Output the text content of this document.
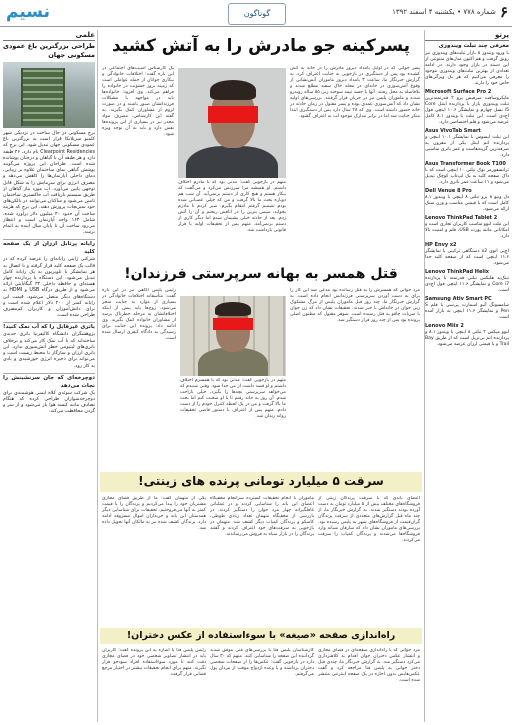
۶
شماره ۷۷۸ • یکشنبه ۴ اسفند ۱۳۹۲
گوناگون
نسیم
پرتو
معرفی چند تبلت ویندوزی
با ورود ویندوز ۸ بازار تبلت‌های ویندوزی نیز رونق گرفت و هم اکنون مدل‌های متنوعی از این دسته در بازار وجود دارند. در ادامه تعدادی از بهترین تبلت‌های ویندوزی موجود را معرفی می‌کنیم که هر یک ویژگی‌های خاص خود را دارند.
Microsoft Surface Pro 2
مایکروسافت سرفیس پرو ۲ قدرتمندترین تبلت ویندوزی بازار با پردازنده اینتل Core i5 نسل چهارم و نمایشگر ۱۰.۶ اینچی فول اچ‌دی است. این تبلت با ویندوز ۸.۱ کامل عرضه می‌شود و قلم اختصاصی دارد.
Asus VivoTab Smart
این تبلت ایسوس با نمایشگر ۱۰.۱ اینچی و پردازنده اتم اینتل یکی از مقرون به صرفه‌ترین گزینه‌هاست و عمر باتری مناسبی دارد.
Asus Transformer Book T100
ترانسفورمر بوک تبلتی ۱۰ اینچی است که با داک صفحه کلید به یک لپ‌تاپ کوچک تبدیل می‌شود و ۱۱ ساعت عمر باتری دارد.
Dell Venue 8 Pro
دل ونیو ۸ پرو تبلتی ۸ اینچی با ویندوز ۸.۱ کامل است که با قیمتی مناسب و وزن سبک ارائه می‌شود.
Lenovo ThinkPad Tablet 2
این تبلت لنوو مناسب کاربران تجاری است و امکاناتی مانند پورت USB، قلم و امنیت بالا دارد.
HP Envy x2
اچ‌پی انوی x2 دستگاهی ترکیبی با نمایشگر ۱۱.۶ اینچی است که از صفحه کلید جدا می‌شود.
Lenovo ThinkPad Helix
تینک‌پد هلیکس تبلتی قدرتمند با پردازنده Core i7 و نمایشگر ۱۱.۶ اینچی فول اچ‌دی است.
Samsung Ativ Smart PC
سامسونگ آتیو اسمارت پی‌سی با قلم S Pen و نمایشگر ۱۱.۶ اینچی به بازار آمده است.
Lenovo Miix 2
لنوو میکس ۲ تبلتی ۸ اینچی با ویندوز ۸.۱ و پردازنده اتم بی‌تریل است که از طریق Bay Trail و با قیمتی ارزان عرضه می‌شود.
علمی
طراحی بزرگترین باغ عمودی مسکونی جهان
برج مسکونی در حال ساخت در نزدیکی شهر کلمبو سریلانکا قرار است به بزرگترین باغ عمودی مسکونی جهان تبدیل شود. این برج که Clearpoint Residencies نام دارد، ۴۶ طبقه دارد و هر طبقه آن با گیاهان و درختان پوشانده شده است. طراحان این پروژه می‌گویند پوشش گیاهی نمای ساختمان علاوه بر زیبایی، دمای داخلی آپارتمان‌ها را کاهش می‌دهد و مصرف انرژی برای سرمایش را به شکل قابل توجهی پایین می‌آورد. آب مورد نیاز گیاهان از طریق سیستم بازیافت آب خاکستری ساختمان تامین می‌شود و ساکنان می‌توانند در بالکن‌های خود سبزیجات پرورش دهند. این برج که هزینه ساخت آن حدود ۴۰ میلیون دلار برآورد شده، شامل ۱۶۴ واحد آپارتمان است و انتظار می‌رود ساخت آن تا پایان سال آینده به اتمام برسد.
رایانه پرتابل ارزان از یک صفحه کلید
شرکتی ژاپنی رایانه‌ای را عرضه کرده که در قالب یک صفحه کلید قرار گرفته و با اتصال به هر نمایشگر یا تلویزیون به یک رایانه کامل تبدیل می‌شود. این دستگاه با پردازنده چهار هسته‌ای و حافظه داخلی ۳۲ گیگابایتی ارائه می‌شود و از طریق درگاه USB و HDMI به دستگاه‌های دیگر متصل می‌شود. قیمت این رایانه کمتر از ۲۰۰ دلار اعلام شده است و برای دانش‌آموزان و کاربران کم‌مصرف طراحی شده است.
باتری غیرقابل را که آب نمک کنید!
پژوهشگران دانشگاه کالیفرنیا باتری جدیدی ساخته‌اند که با آب نمک کار می‌کند و برخلاف باتری‌های لیتیومی خطر آتش‌سوزی ندارد. این باتری ارزان و سازگار با محیط زیست است و می‌تواند برای ذخیره انرژی خورشیدی و بادی به کار رود.
دوچرخه‌ای که جان سرنشینش را نجات می‌دهد
یک شرکت سوئدی کلاه ایمنی هوشمندی برای دوچرخه‌سواران طراحی کرده که هنگام تصادف مانند کیسه هوا باز می‌شود و از سر و گردن محافظت می‌کند.
پسرکینه جو مادرش را به آتش کشید
پسر جوانی که در اوایل بامداد دیروز مادرش را در خانه به آتش کشیده بود پس از دستگیری در بازجویی به جنایت اعتراف کرد. به گزارش خبرنگار ما، ساعت ۳ بامداد دیروز ماموران آتش‌نشانی از وقوع آتش‌سوزی در خانه‌ای در محله خاک سفید مطلع شدند و بلافاصله به محل رفتند. آنها با جسد نیمه سوخته زنی ۵۵ ساله روبه‌رو شدند و ماموران پلیس نیز در جریان قرار گرفتند. بررسی‌های اولیه نشان داد که آتش‌سوزی عمدی بوده و پسر مقتول در زمان حادثه در خانه حضور داشته است. وی که ۲۸ سال دارد پس از دستگیری ابتدا منکر جنایت شد اما در برابر مدارک موجود لب به اعتراف گشود.
متهم در بازجویی گفت: مدتی بود که با مادرم اختلاف داشتم. او همیشه مرا سرزنش می‌کرد و می‌گفت که بیکار هستم و هیچ کاری از دستم برنمی‌آید. آن شب هم دوباره بحث ما بالا گرفت و من که خیلی عصبانی شده بودم تصمیم گرفتم انتقام بگیرم. صبر کردم تا مادرم بخوابد، سپس بنزین را در اتاقش ریختم و آن را آتش زدم. بعد از حادثه خیلی پشیمان شدم اما دیگر کاری از دستم برنمی‌آمد. متهم پس از تحقیقات اولیه با قرار قانونی بازداشت شد.
یک کارشناس آسیب‌های اجتماعی در این باره گفت: اختلافات خانوادگی و بیکاری جوانان از جمله عواملی است که زمینه بروز خشونت در خانواده را فراهم می‌کند. وی افزود: خانواده‌ها باید در مواجهه با مشکلات فرزندانشان صبور باشند و در صورت لزوم از مشاوران کمک بگیرند. به گفته این کارشناس، مصرف مواد مخدر نیز در بسیاری از این پرونده‌ها نقش دارد و باید به آن توجه ویژه شود.
قتل همسر به بهانه سرپرستی فرزندان!
مرد جوانی که همسرش را به قتل رسانده بود مدعی شد این کار را برای به دست آوردن سرپرستی فرزندانش انجام داده است. به گزارش خبرنگار ما، چند روز قبل ماموران پلیس از مرگ مشکوک زنی جوان در خانه‌اش با خبر شدند. تحقیقات نشان داد که زن جوان با ضربات چاقو به قتل رسیده است. شوهر مقتول که مظنون اصلی پرونده بود پس از چند روز فرار دستگیر شد.
متهم در بازجویی گفت: مدتی بود که با همسرم اختلاف داشتم و او قصد داشت از من جدا شود. وقتی شنیدم که می‌خواهد سرپرستی بچه‌ها را بگیرد، خیلی ناراحت شدم. آن روز به خانه رفتم تا با او صحبت کنم اما بحث ما بالا گرفت و من در یک لحظه کنترل خودم را از دست دادم. متهم پس از اعتراف با دستور قاضی تحقیقات روانه زندان شد.
رئیس پلیس آگاهی نیز در این باره گفت: متأسفانه اختلافات خانوادگی در بسیاری از موارد به جنایت منجر می‌شود. زوج‌ها باید پیش از اینکه اختلافاتشان به مرحله خطرناک برسد از مشاوران خانواده کمک بگیرند. وی ادامه داد: پرونده این جنایت برای رسیدگی به دادگاه کیفری ارسال شده است.
سرقت ۵ میلیارد تومانی پرنده های زینتی!
اعضای باندی که با سرقت پرندگان زینتی از فروشگاه‌های مختلف بیش از ۵ میلیارد تومان به دست آورده بودند دستگیر شدند. به گزارش خبرنگار ما، از چند ماه قبل گزارش‌های متعددی از سرقت پرندگان گران‌قیمت از فروشگاه‌های شهر به پلیس رسیده بود. بررسی‌های ماموران نشان داد که سارقان شبانه وارد فروشگاه‌ها می‌شدند و پرندگان کمیاب را سرقت می‌کردند.
ماموران با انجام تحقیقات گسترده سرانجام مخفیگاه اعضای این باند را شناسایی کردند و در عملیاتی غافلگیرانه چهار مرد جوان را دستگیر کردند. در بازرسی از مخفیگاه متهمان تعداد زیادی طوطی، کاسکو و پرندگان کمیاب دیگر کشف شد. متهمان در بازجویی به سرقت‌های خود اعتراف کردند و گفتند پرندگان را در بازار سیاه به فروش می‌رساندند.
یکی از متهمان گفت: ما از طریق فضای مجازی مشتریان خود را پیدا می‌کردیم و پرندگان را با قیمت کمتر به آنها می‌فروختیم. تحقیقات برای شناسایی دیگر همدستان این باند و خریداران اموال مسروقه ادامه دارد. پرندگان کشف شده نیز به مالکان آنها تحویل داده شد.
راه‌اندازی صفحه «صیغه» با سوءاستفاده از عکس دختران!
مرد جوانی که با راه‌اندازی صفحه‌ای در فضای مجازی و انتشار عکس دختران جوان اقدام به کلاهبرداری می‌کرد دستگیر شد. به گزارش خبرنگار ما، چندی قبل دختر جوانی به پلیس فتا مراجعه کرد و گفت عکس‌هایش بدون اجازه در یک صفحه اینترنتی منتشر شده است.
کارشناسان پلیس فتا با بررسی‌های فنی موفق شدند گرداننده این صفحه را شناسایی کنند. متهم که ۳۰ سال دارد در بازجویی گفت: عکس‌ها را از صفحات شخصی دختران برداشته و با وعده ازدواج موقت از مردان پول می‌گرفتم.
رئیس پلیس فتا با اشاره به این پرونده گفت: کاربران باید در انتشار تصاویر شخصی خود در فضای مجازی دقت کنند تا مورد سوءاستفاده افراد سودجو قرار نگیرند. متهم برای انجام تحقیقات بیشتر در اختیار مرجع قضایی قرار گرفت.
